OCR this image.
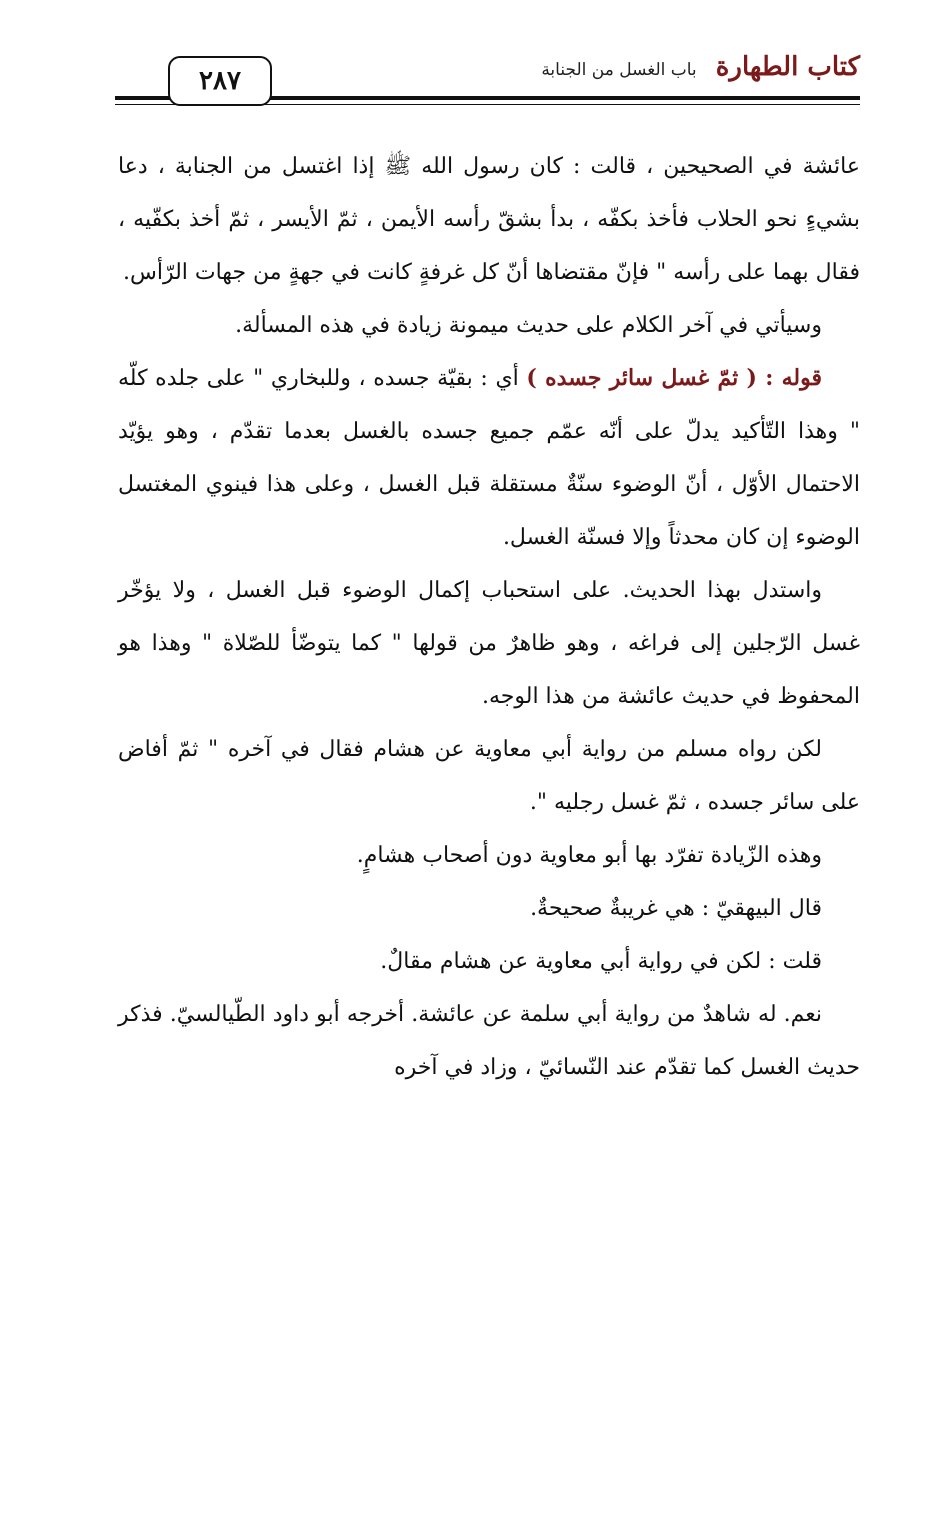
٢٨٧	كتاب الطهارة باب الغسل من الجنابة

عائشة في الصحيحين ، قالت : كان رسول الله ﷺ إذا اغتسل من الجنابة ، دعا بشيءٍ نحو الحلاب فأخذ بكفّه ، بدأ بشقّ رأسه الأيمن ، ثمّ الأيسر ، ثمّ أخذ بكفّيه ، فقال بهما على رأسه " فإنّ مقتضاها أنّ كل غرفةٍ كانت في جهةٍ من جهات الرّأس.

وسيأتي في آخر الكلام على حديث ميمونة زيادة في هذه المسألة.

قوله : ( ثمّ غسل سائر جسده ) أي : بقيّة جسده ، وللبخاري " على جلده كلّه " وهذا التّأكيد يدلّ على أنّه عمّم جميع جسده بالغسل بعدما تقدّم ، وهو يؤيّد الاحتمال الأوّل ، أنّ الوضوء سنّةٌ مستقلة قبل الغسل ، وعلى هذا فينوي المغتسل الوضوء إن كان محدثاً وإلا فسنّة الغسل.

واستدل بهذا الحديث. على استحباب إكمال الوضوء قبل الغسل ، ولا يؤخّر غسل الرّجلين إلى فراغه ، وهو ظاهرٌ من قولها " كما يتوضّأ للصّلاة " وهذا هو المحفوظ في حديث عائشة من هذا الوجه.

لكن رواه مسلم من رواية أبي معاوية عن هشام فقال في آخره " ثمّ أفاض على سائر جسده ، ثمّ غسل رجليه ".

وهذه الزّيادة تفرّد بها أبو معاوية دون أصحاب هشامٍ.

قال البيهقيّ : هي غريبةٌ صحيحةٌ.

قلت : لكن في رواية أبي معاوية عن هشام مقالٌ.

نعم. له شاهدٌ من رواية أبي سلمة عن عائشة. أخرجه أبو داود الطّيالسيّ. فذكر حديث الغسل كما تقدّم عند النّسائيّ ، وزاد في آخره
